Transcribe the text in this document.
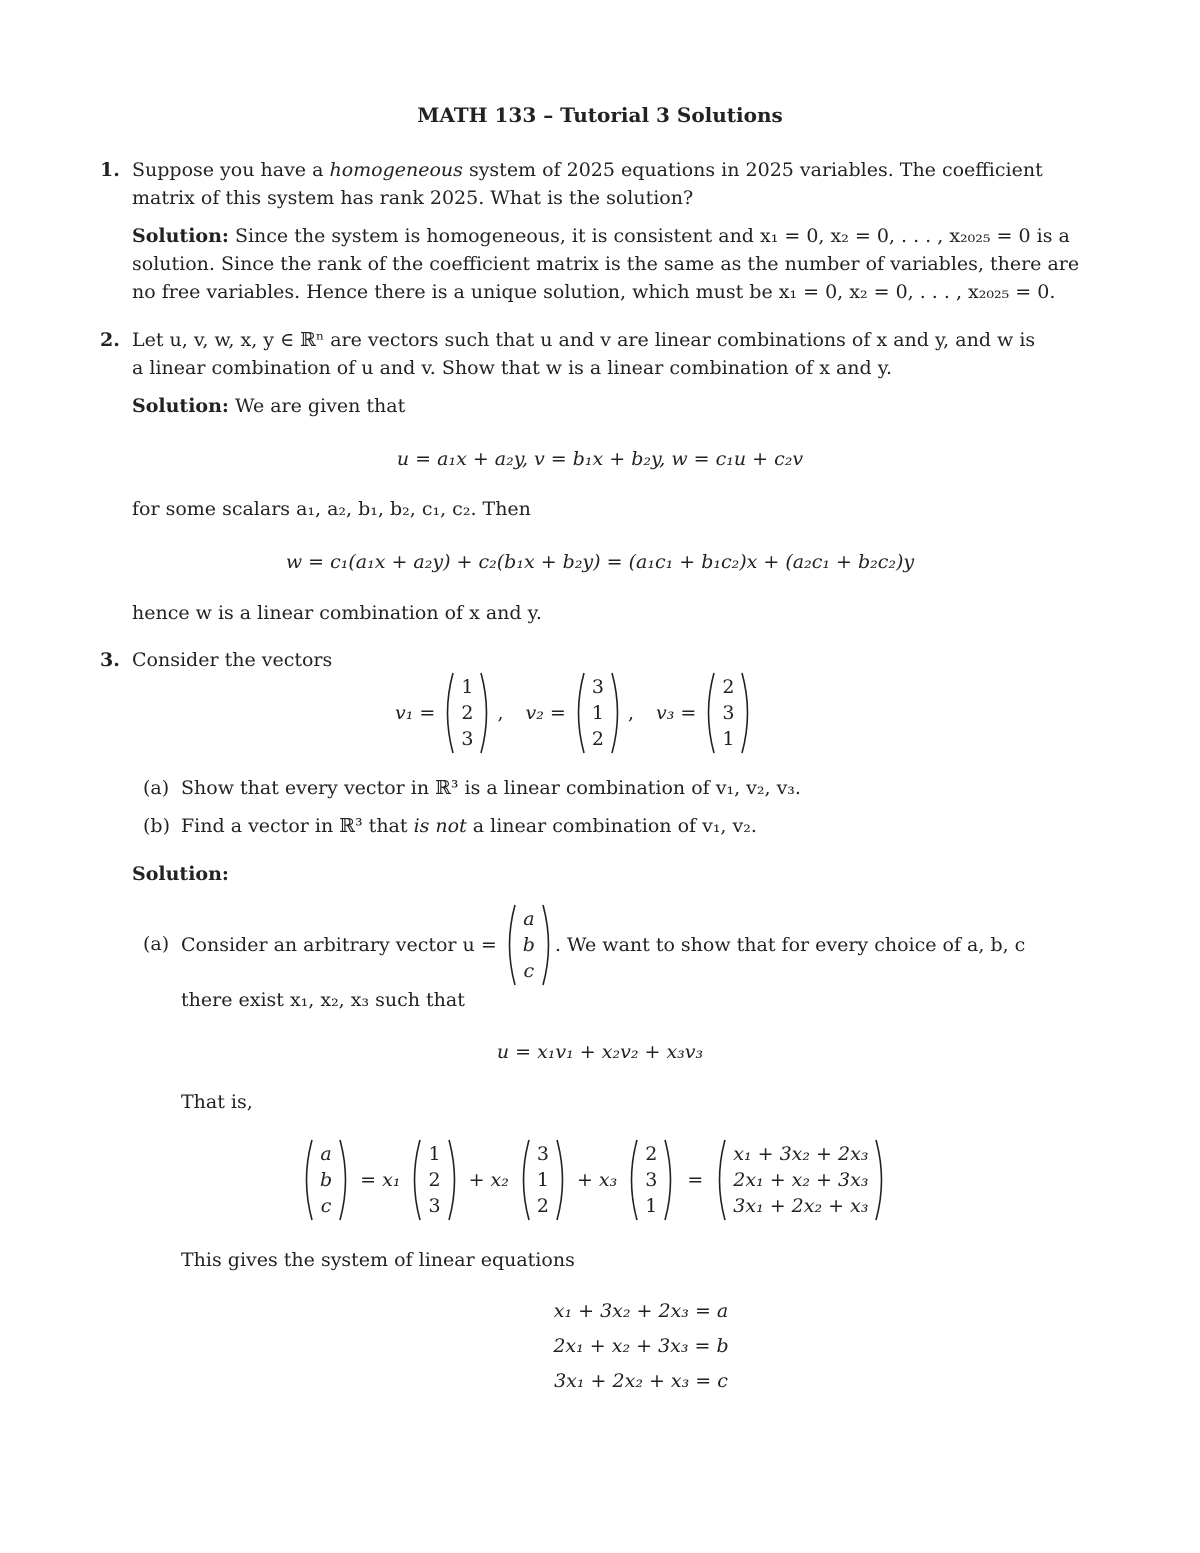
MATH 133 – Tutorial 3 Solutions
1. Suppose you have a homogeneous system of 2025 equations in 2025 variables. The coefficient
matrix of this system has rank 2025. What is the solution?
Solution: Since the system is homogeneous, it is consistent and x₁ = 0, x₂ = 0, . . . , x₂₀₂₅ = 0 is a
solution. Since the rank of the coefficient matrix is the same as the number of variables, there are
no free variables. Hence there is a unique solution, which must be x₁ = 0, x₂ = 0, . . . , x₂₀₂₅ = 0.
2. Let u, v, w, x, y ∈ ℝⁿ are vectors such that u and v are linear combinations of x and y, and w is
a linear combination of u and v. Show that w is a linear combination of x and y.
Solution: We are given that
u = a₁x + a₂y, v = b₁x + b₂y, w = c₁u + c₂v
for some scalars a₁, a₂, b₁, b₂, c₁, c₂. Then
w = c₁(a₁x + a₂y) + c₂(b₁x + b₂y) = (a₁c₁ + b₁c₂)x + (a₂c₁ + b₂c₂)y
hence w is a linear combination of x and y.
3. Consider the vectors
v₁ =

1
2
3
, v₂ =

3
1
2
, v₃ =

2
3
1
(a) Show that every vector in ℝ³ is a linear combination of v₁, v₂, v₃.
(b) Find a vector in ℝ³ that is not a linear combination of v₁, v₂.
Solution:
(a) Consider an arbitrary vector u =

a
b
c
. We want to show that for every choice of a, b, c
there exist x₁, x₂, x₃ such that
u = x₁v₁ + x₂v₂ + x₃v₃
That is,
a
b
c
= x₁
1
2
3
+ x₂
3
1
2
+ x₃
2
3
1
=
x₁ + 3x₂ + 2x₃
2x₁ + x₂ + 3x₃
3x₁ + 2x₂ + x₃
This gives the system of linear equations
x₁ + 3x₂ + 2x₃ = a
2x₁ + x₂ + 3x₃ = b
3x₁ + 2x₂ + x₃ = c
